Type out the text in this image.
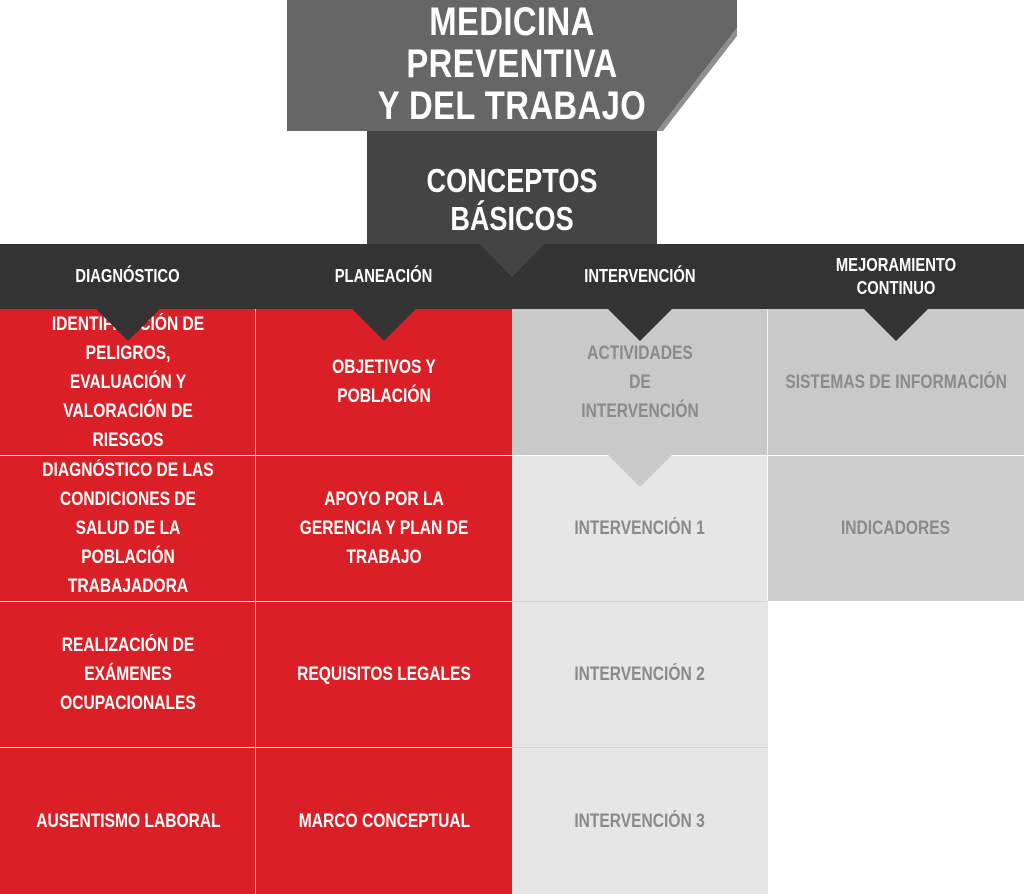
MEDICINA PREVENTIVA
Y DEL TRABAJO
CONCEPTOS BÁSICOS
DIAGNÓSTICO	PLANEACIÓN	INTERVENCIÓN
MEJORAMIENTO CONTINUO
IDENTIFICACIÓN DE PELIGROS, EVALUACIÓN Y VALORACIÓN DE RIESGOS
DIAGNÓSTICO DE LAS CONDICIONES DE SALUD DE LA POBLACIÓN TRABAJADORA
REALIZACIÓN DE EXÁMENES OCUPACIONALES
AUSENTISMO LABORAL
OBJETIVOS Y POBLACIÓN
APOYO POR LA GERENCIA Y PLAN DE TRABAJO
REQUISITOS LEGALES
MARCO CONCEPTUAL
ACTIVIDADES DE INTERVENCIÓN
INTERVENCIÓN 1
INTERVENCIÓN 2
INTERVENCIÓN 3
SISTEMAS DE INFORMACIÓN
INDICADORES
